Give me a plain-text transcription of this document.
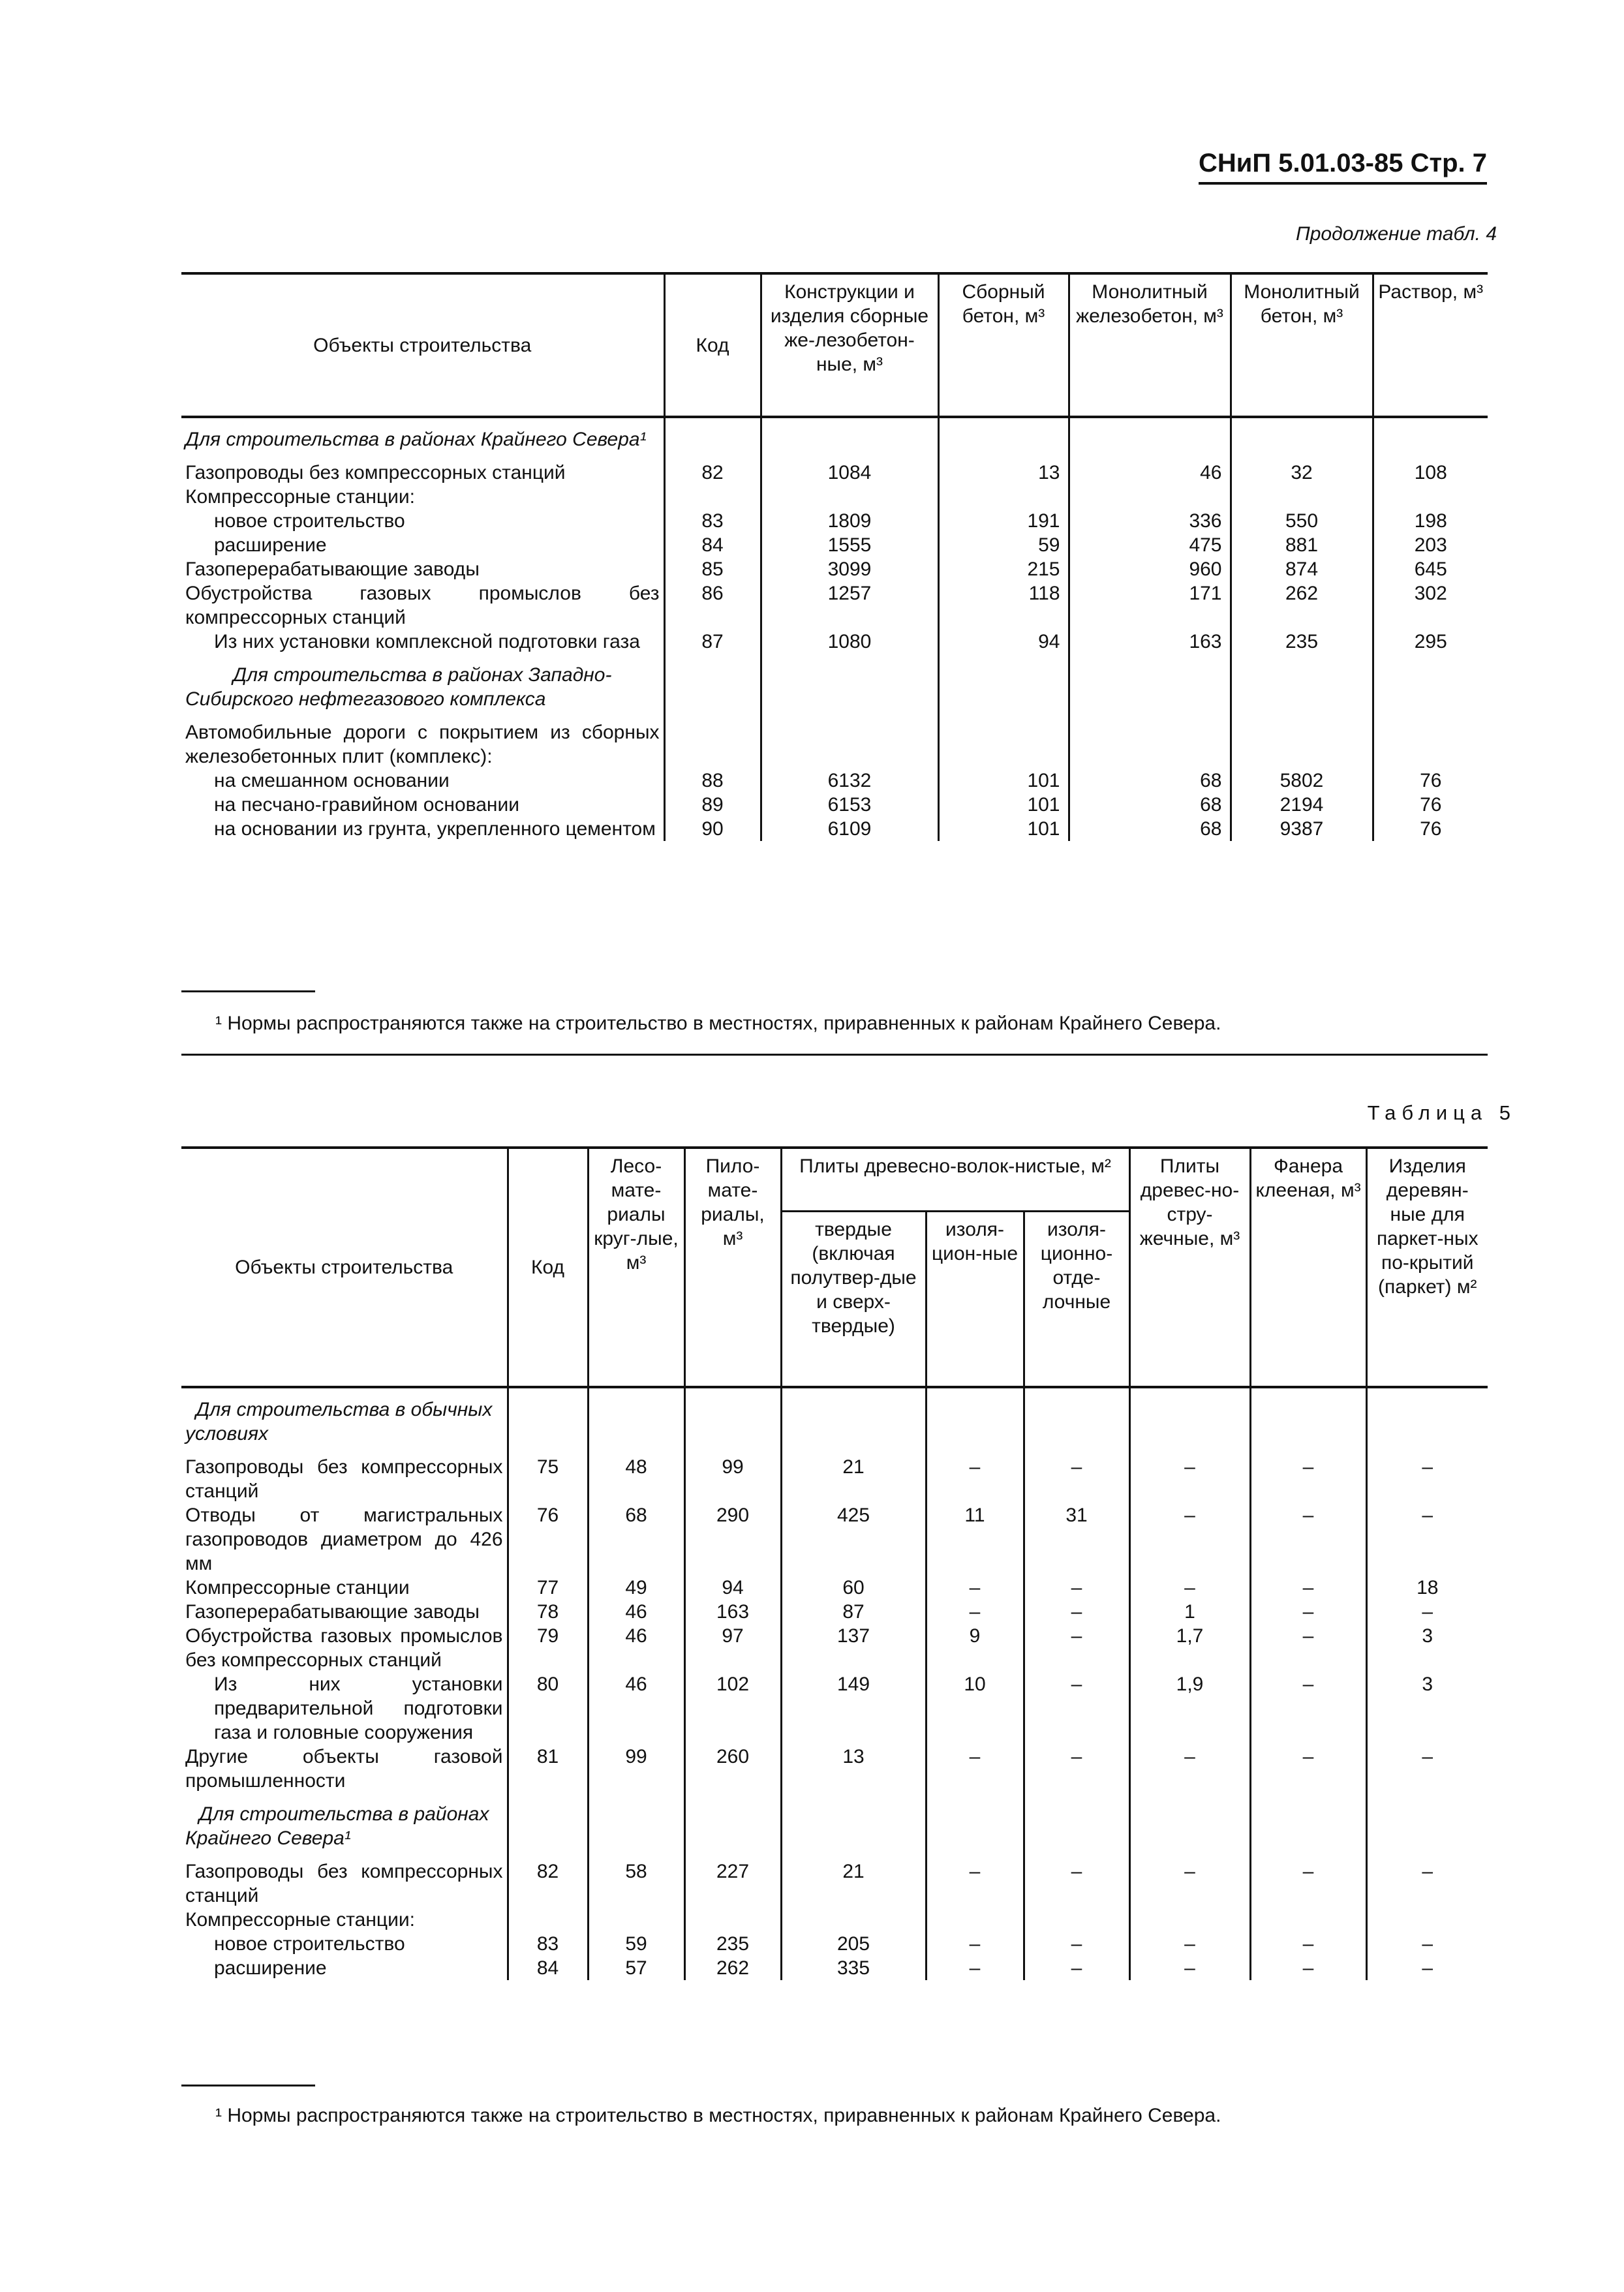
СНиП 5.01.03-85 Стр. 7
Продолжение табл. 4
Объекты строительства	Код	Конструкции и изделия сборные же-лезобетон-ные, м³	Сборный бетон, м³	Монолитный железобетон, м³	Монолитный бетон, м³	Раствор, м³
Для строительства в районах Крайнего Севера¹						
Газопроводы без компрессорных станций	82	1084	13	46	32	108
Компрессорные станции:						
новое строительство	83	1809	191	336	550	198
расширение	84	1555	59	475	881	203
Газоперерабатывающие заводы	85	3099	215	960	874	645
Обустройства газовых промыслов без компрессорных станций	86	1257	118	171	262	302
Из них установки комплексной подготовки газа	87	1080	94	163	235	295
Для строительства в районах Западно-Сибирского нефтегазового комплекса						
Автомобильные дороги с покрытием из сборных железобетонных плит (комплекс):						
на смешанном основании	88	6132	101	68	5802	76
на песчано-гравийном основании	89	6153	101	68	2194	76
на основании из грунта, укрепленного цементом	90	6109	101	68	9387	76
¹ Нормы распространяются также на строительство в местностях, приравненных к районам Крайнего Севера.
Таблица 5
Объекты строительства	Код	Лесо-мате-риалы круг-лые, м³	Пило-мате-риалы, м³	Плиты древесно-волок-нистые, м²			Плиты древес-но-стру-жечные, м³	Фанера клееная, м³	Изделия деревян-ные для паркет-ных по-крытий (паркет) м²
				твердые (включая полутвер-дые и сверх-твердые)	изоля-цион-ные	изоля-ционно-отде-лочные			
Для строительства в обычных условиях									
Газопроводы без компрессорных станций	75	48	99	21	–	–	–	–	–
Отводы от магистральных газопроводов диаметром до 426 мм	76	68	290	425	11	31	–	–	–
Компрессорные станции	77	49	94	60	–	–	–	–	18
Газоперерабатывающие заводы	78	46	163	87	–	–	1	–	–
Обустройства газовых промыслов без компрессорных станций	79	46	97	137	9	–	1,7	–	3
Из них установки предварительной подготовки газа и головные сооружения	80	46	102	149	10	–	1,9	–	3
Другие объекты газовой промышленности	81	99	260	13	–	–	–	–	–
Для строительства в районах Крайнего Севера¹									
Газопроводы без компрессорных станций	82	58	227	21	–	–	–	–	–
Компрессорные станции:									
новое строительство	83	59	235	205	–	–	–	–	–
расширение	84	57	262	335	–	–	–	–	–
¹ Нормы распространяются также на строительство в местностях, приравненных к районам Крайнего Севера.
